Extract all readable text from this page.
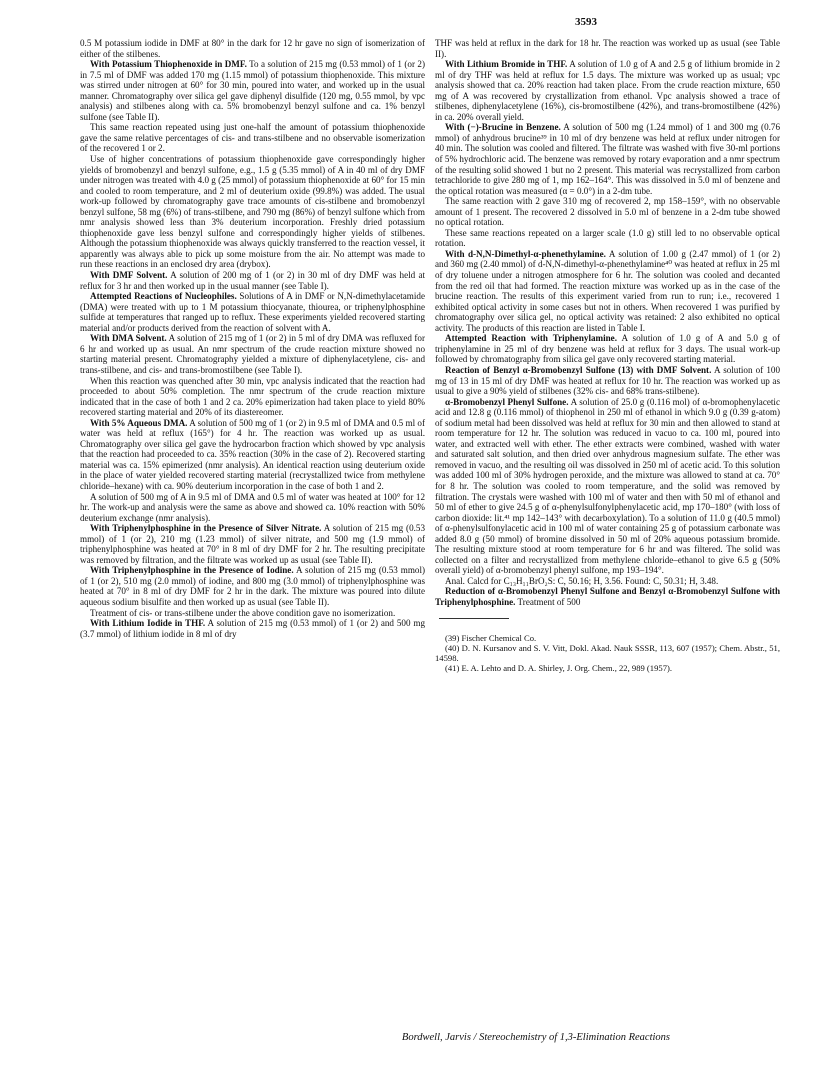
3593

0.5 M potassium iodide in DMF at 80° in the dark for 12 hr gave no sign of isomerization of either of the stilbenes.

With Potassium Thiophenoxide in DMF. To a solution of 215 mg (0.53 mmol) of 1 (or 2) in 7.5 ml of DMF was added 170 mg (1.15 mmol) of potassium thiophenoxide. This mixture was stirred under nitrogen at 60° for 30 min, poured into water, and worked up in the usual manner. Chromatography over silica gel gave diphenyl disulfide (120 mg, 0.55 mmol, by vpc analysis) and stilbenes along with ca. 5% bromobenzyl benzyl sulfone and ca. 1% benzyl sulfone (see Table II).

This same reaction repeated using just one-half the amount of potassium thiophenoxide gave the same relative percentages of cis- and trans-stilbene and no observable isomerization of the recovered 1 or 2.

Use of higher concentrations of potassium thiophenoxide gave correspondingly higher yields of bromobenzyl and benzyl sulfone, e.g., 1.5 g (5.35 mmol) of A in 40 ml of dry DMF under nitrogen was treated with 4.0 g (25 mmol) of potassium thiophenoxide at 60° for 15 min and cooled to room temperature, and 2 ml of deuterium oxide (99.8%) was added. The usual work-up followed by chromatography gave trace amounts of cis-stilbene and bromobenzyl benzyl sulfone, 58 mg (6%) of trans-stilbene, and 790 mg (86%) of benzyl sulfone which from nmr analysis showed less than 3% deuterium incorporation. Freshly dried potassium thiophenoxide gave less benzyl sulfone and correspondingly higher yields of stilbenes. Although the potassium thiophenoxide was always quickly transferred to the reaction vessel, it apparently was always able to pick up some moisture from the air. No attempt was made to run these reactions in an enclosed dry area (drybox).

With DMF Solvent. A solution of 200 mg of 1 (or 2) in 30 ml of dry DMF was held at reflux for 3 hr and then worked up in the usual manner (see Table I).

Attempted Reactions of Nucleophiles. Solutions of A in DMF or N,N-dimethylacetamide (DMA) were treated with up to 1 M potassium thiocyanate, thiourea, or triphenylphosphine sulfide at temperatures that ranged up to reflux. These experiments yielded recovered starting material and/or products derived from the reaction of solvent with A.

With DMA Solvent. A solution of 215 mg of 1 (or 2) in 5 ml of dry DMA was refluxed for 6 hr and worked up as usual. An nmr spectrum of the crude reaction mixture showed no starting material present. Chromatography yielded a mixture of diphenylacetylene, cis- and trans-stilbene, and cis- and trans-bromostilbene (see Table I).

When this reaction was quenched after 30 min, vpc analysis indicated that the reaction had proceeded to about 50% completion. The nmr spectrum of the crude reaction mixture indicated that in the case of both 1 and 2 ca. 20% epimerization had taken place to yield 80% recovered starting material and 20% of its diastereomer.

With 5% Aqueous DMA. A solution of 500 mg of 1 (or 2) in 9.5 ml of DMA and 0.5 ml of water was held at reflux (165°) for 4 hr. The reaction was worked up as usual. Chromatography over silica gel gave the hydrocarbon fraction which showed by vpc analysis that the reaction had proceeded to ca. 35% reaction (30% in the case of 2). Recovered starting material was ca. 15% epimerized (nmr analysis). An identical reaction using deuterium oxide in the place of water yielded recovered starting material (recrystallized twice from methylene chloride–hexane) with ca. 90% deuterium incorporation in the case of both 1 and 2.

A solution of 500 mg of A in 9.5 ml of DMA and 0.5 ml of water was heated at 100° for 12 hr. The work-up and analysis were the same as above and showed ca. 10% reaction with 50% deuterium exchange (nmr analysis).

With Triphenylphosphine in the Presence of Silver Nitrate. A solution of 215 mg (0.53 mmol) of 1 (or 2), 210 mg (1.23 mmol) of silver nitrate, and 500 mg (1.9 mmol) of triphenylphosphine was heated at 70° in 8 ml of dry DMF for 2 hr. The resulting precipitate was removed by filtration, and the filtrate was worked up as usual (see Table II).

With Triphenylphosphine in the Presence of Iodine. A solution of 215 mg (0.53 mmol) of 1 (or 2), 510 mg (2.0 mmol) of iodine, and 800 mg (3.0 mmol) of triphenylphosphine was heated at 70° in 8 ml of dry DMF for 2 hr in the dark. The mixture was poured into dilute aqueous sodium bisulfite and then worked up as usual (see Table II).

Treatment of cis- or trans-stilbene under the above condition gave no isomerization.

With Lithium Iodide in THF. A solution of 215 mg (0.53 mmol) of 1 (or 2) and 500 mg (3.7 mmol) of lithium iodide in 8 ml of dry

THF was held at reflux in the dark for 18 hr. The reaction was worked up as usual (see Table II).

With Lithium Bromide in THF. A solution of 1.0 g of A and 2.5 g of lithium bromide in 2 ml of dry THF was held at reflux for 1.5 days. The mixture was worked up as usual; vpc analysis showed that ca. 20% reaction had taken place. From the crude reaction mixture, 650 mg of A was recovered by crystallization from ethanol. Vpc analysis showed a trace of stilbenes, diphenylacetylene (16%), cis-bromostilbene (42%), and trans-bromostilbene (42%) in ca. 20% overall yield.

With (−)-Brucine in Benzene. A solution of 500 mg (1.24 mmol) of 1 and 300 mg (0.76 mmol) of anhydrous brucine³⁹ in 10 ml of dry benzene was held at reflux under nitrogen for 40 min. The solution was cooled and filtered. The filtrate was washed with five 30-ml portions of 5% hydrochloric acid. The benzene was removed by rotary evaporation and a nmr spectrum of the resulting solid showed 1 but no 2 present. This material was recrystallized from carbon tetrachloride to give 280 mg of 1, mp 162–164°. This was dissolved in 5.0 ml of benzene and the optical rotation was measured (α = 0.0°) in a 2-dm tube.

The same reaction with 2 gave 310 mg of recovered 2, mp 158–159°, with no observable amount of 1 present. The recovered 2 dissolved in 5.0 ml of benzene in a 2-dm tube showed no optical rotation.

These same reactions repeated on a larger scale (1.0 g) still led to no observable optical rotation.

With d-N,N-Dimethyl-α-phenethylamine. A solution of 1.00 g (2.47 mmol) of 1 (or 2) and 360 mg (2.40 mmol) of d-N,N-dimethyl-α-phenethylamine⁴⁰ was heated at reflux in 25 ml of dry toluene under a nitrogen atmosphere for 6 hr. The solution was cooled and decanted from the red oil that had formed. The reaction mixture was worked up as in the case of the brucine reaction. The results of this experiment varied from run to run; i.e., recovered 1 exhibited optical activity in some cases but not in others. When recovered 1 was purified by chromatography over silica gel, no optical activity was retained: 2 also exhibited no optical activity. The products of this reaction are listed in Table I.

Attempted Reaction with Triphenylamine. A solution of 1.0 g of A and 5.0 g of triphenylamine in 25 ml of dry benzene was held at reflux for 3 days. The usual work-up followed by chromatography from silica gel gave only recovered starting material.

Reaction of Benzyl α-Bromobenzyl Sulfone (13) with DMF Solvent. A solution of 100 mg of 13 in 15 ml of dry DMF was heated at reflux for 10 hr. The reaction was worked up as usual to give a 90% yield of stilbenes (32% cis- and 68% trans-stilbene).

α-Bromobenzyl Phenyl Sulfone. A solution of 25.0 g (0.116 mol) of α-bromophenylacetic acid and 12.8 g (0.116 mmol) of thiophenol in 250 ml of ethanol in which 9.0 g (0.39 g-atom) of sodium metal had been dissolved was held at reflux for 30 min and then allowed to stand at room temperature for 12 hr. The solution was reduced in vacuo to ca. 100 ml, poured into water, and extracted well with ether. The ether extracts were combined, washed with water and saturated salt solution, and then dried over anhydrous magnesium sulfate. The ether was removed in vacuo, and the resulting oil was dissolved in 250 ml of acetic acid. To this solution was added 100 ml of 30% hydrogen peroxide, and the mixture was allowed to stand at ca. 70° for 8 hr. The solution was cooled to room temperature, and the solid was removed by filtration. The crystals were washed with 100 ml of water and then with 50 ml of ethanol and 50 ml of ether to give 24.5 g of α-phenylsulfonylphenylacetic acid, mp 170–180° (with loss of carbon dioxide: lit.⁴¹ mp 142–143° with decarboxylation). To a solution of 11.0 g (40.5 mmol) of α-phenylsulfonylacetic acid in 100 ml of water containing 25 g of potassium carbonate was added 8.0 g (50 mmol) of bromine dissolved in 50 ml of 20% aqueous potassium bromide. The resulting mixture stood at room temperature for 6 hr and was filtered. The solid was collected on a filter and recrystallized from methylene chloride–ethanol to give 6.5 g (50% overall yield) of α-bromobenzyl phenyl sulfone, mp 193–194°.

Anal. Calcd for C₁₃H₁₁BrO₂S: C, 50.16; H, 3.56. Found: C, 50.31; H, 3.48.

Reduction of α-Bromobenzyl Phenyl Sulfone and Benzyl α-Bromobenzyl Sulfone with Triphenylphosphine. Treatment of 500

(39) Fischer Chemical Co.

(40) D. N. Kursanov and S. V. Vitt, Dokl. Akad. Nauk SSSR, 113, 607 (1957); Chem. Abstr., 51, 14598.

(41) E. A. Lehto and D. A. Shirley, J. Org. Chem., 22, 989 (1957).

Bordwell, Jarvis / Stereochemistry of 1,3-Elimination Reactions
